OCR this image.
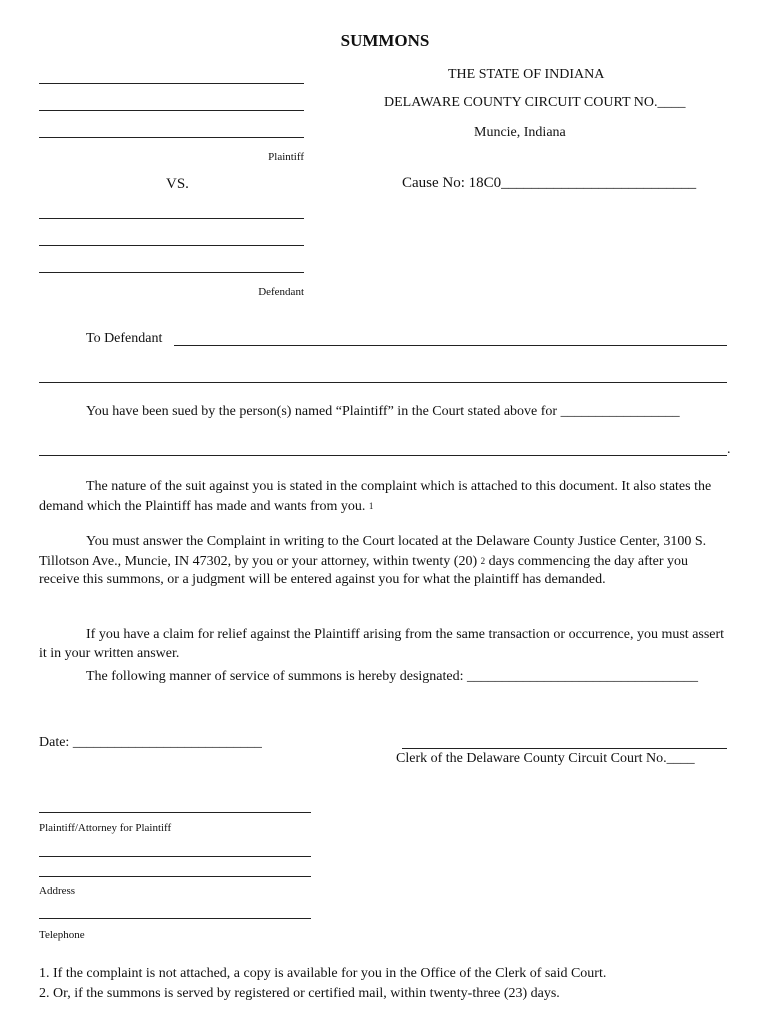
SUMMONS
Plaintiff
THE STATE OF INDIANA
DELAWARE COUNTY CIRCUIT COURT NO.____
Muncie, Indiana
VS.	Cause No: 18C0__________________________
Defendant
To Defendant
You have been sued by the person(s) named “Plaintiff” in the Court stated above for _________________
.
The nature of the suit against you is stated in the complaint which is attached to this document. It also states the demand which the Plaintiff has made and wants from you. 1
You must answer the Complaint in writing to the Court located at the Delaware County Justice Center, 3100 S. Tillotson Ave., Muncie, IN 47302, by you or your attorney, within twenty (20) 2 days commencing the day after you receive this summons, or a judgment will be entered against you for what the plaintiff has demanded.
If you have a claim for relief against the Plaintiff arising from the same transaction or occurrence, you must assert it in your written answer.
The following manner of service of summons is hereby designated: _________________________________
Date: ___________________________
Clerk of the Delaware County Circuit Court No.____
Plaintiff/Attorney for Plaintiff
Address
Telephone
1. If the complaint is not attached, a copy is available for you in the Office of the Clerk of said Court.
2. Or, if the summons is served by registered or certified mail, within twenty-three (23) days.
